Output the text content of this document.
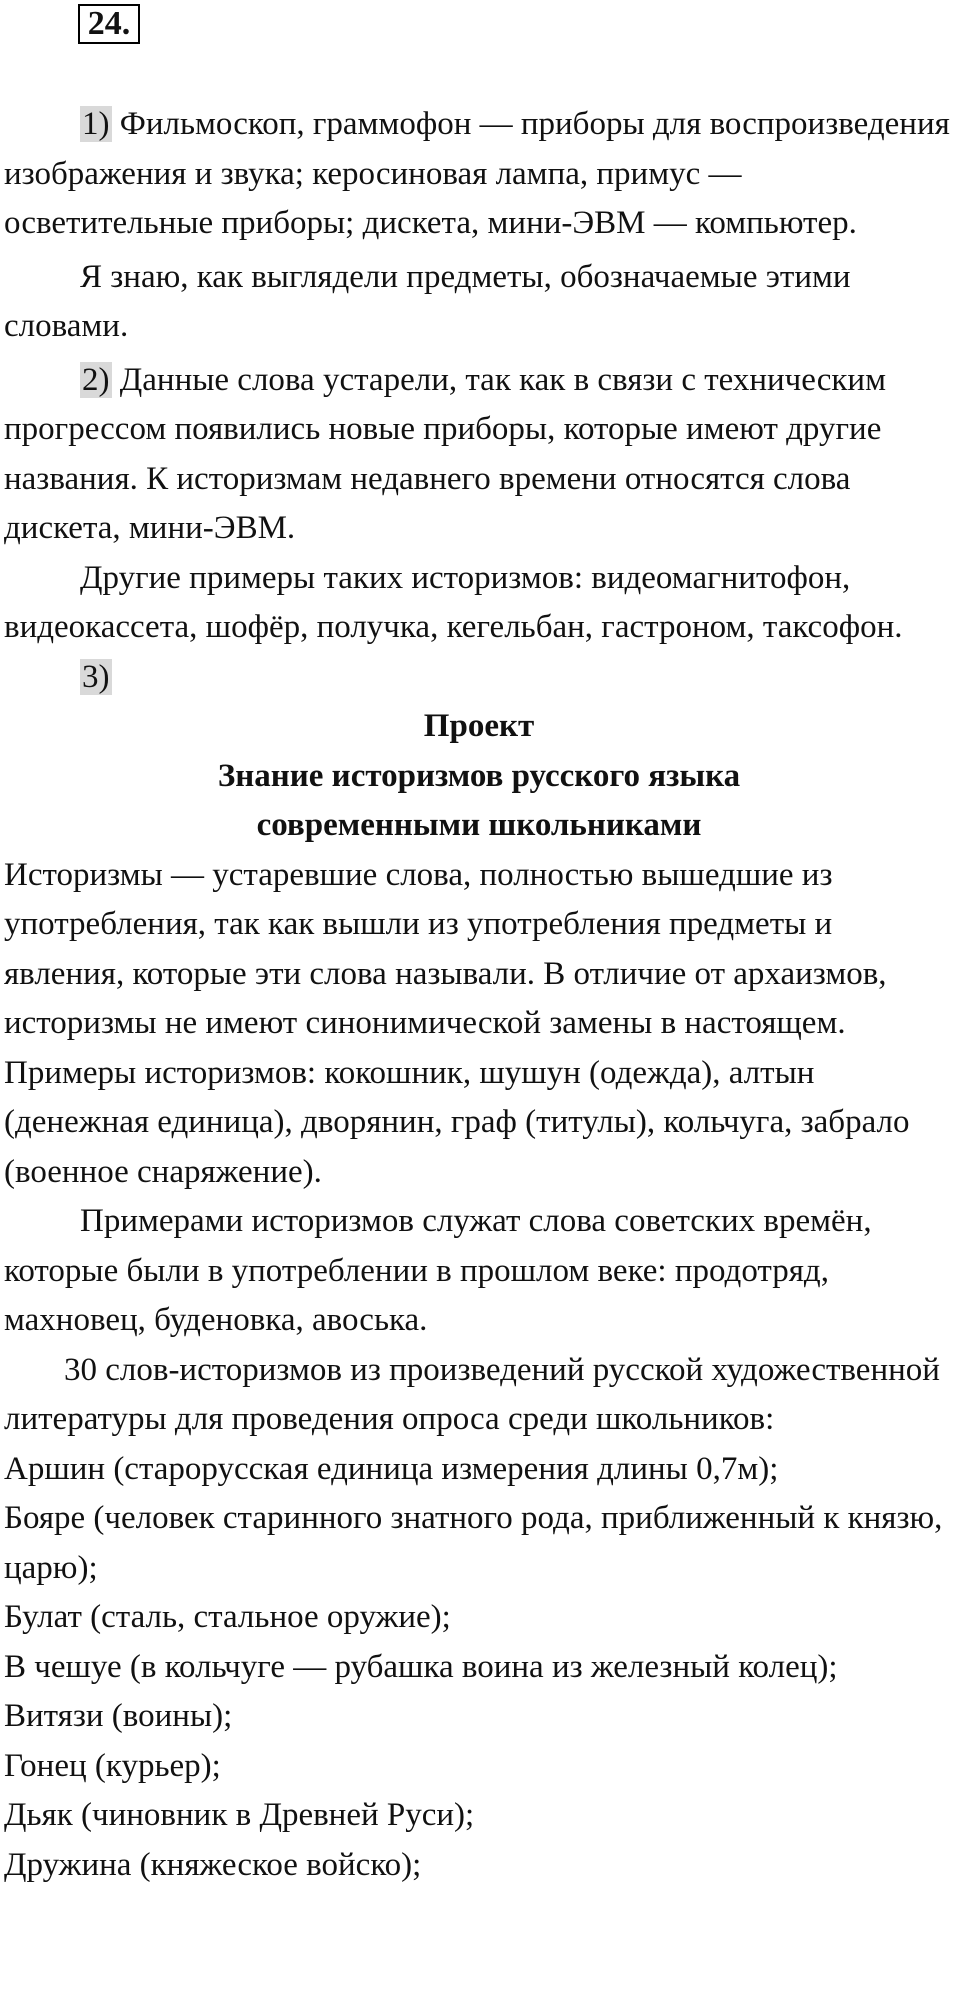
24.

1) Фильмоскоп, граммофон — приборы для воспроизведения изображения и звука; керосиновая лампа, примус — осветительные приборы; дискета, мини-ЭВМ — компьютер.

Я знаю, как выглядели предметы, обозначаемые этими словами.

2) Данные слова устарели, так как в связи с техническим прогрессом появились новые приборы, которые имеют другие названия. К историзмам недавнего времени относятся слова дискета, мини-ЭВМ.

Другие примеры таких историзмов: видеомагнитофон, видеокассета, шофёр, получка, кегельбан, гастроном, таксофон.

3)

Проект

Знание историзмов русского языка

современными школьниками

Историзмы — устаревшие слова, полностью вышедшие из употребления, так как вышли из употребления предметы и явления, которые эти слова называли. В отличие от архаизмов, историзмы не имеют синонимической замены в настоящем. Примеры историзмов: кокошник, шушун (одежда), алтын (денежная единица), дворянин, граф (титулы), кольчуга, забрало (военное снаряжение).

Примерами историзмов служат слова советских времён, которые были в употреблении в прошлом веке: продотряд, махновец, буденовка, авоська.

30 слов-историзмов из произведений русской художественной литературы для проведения опроса среди школьников:

Аршин (старорусская единица измерения длины 0,7м);

Бояре (человек старинного знатного рода, приближенный к князю, царю);

Булат (сталь, стальное оружие);

В чешуе (в кольчуге — рубашка воина из железный колец);

Витязи (воины);

Гонец (курьер);

Дьяк (чиновник в Древней Руси);

Дружина (княжеское войско);
